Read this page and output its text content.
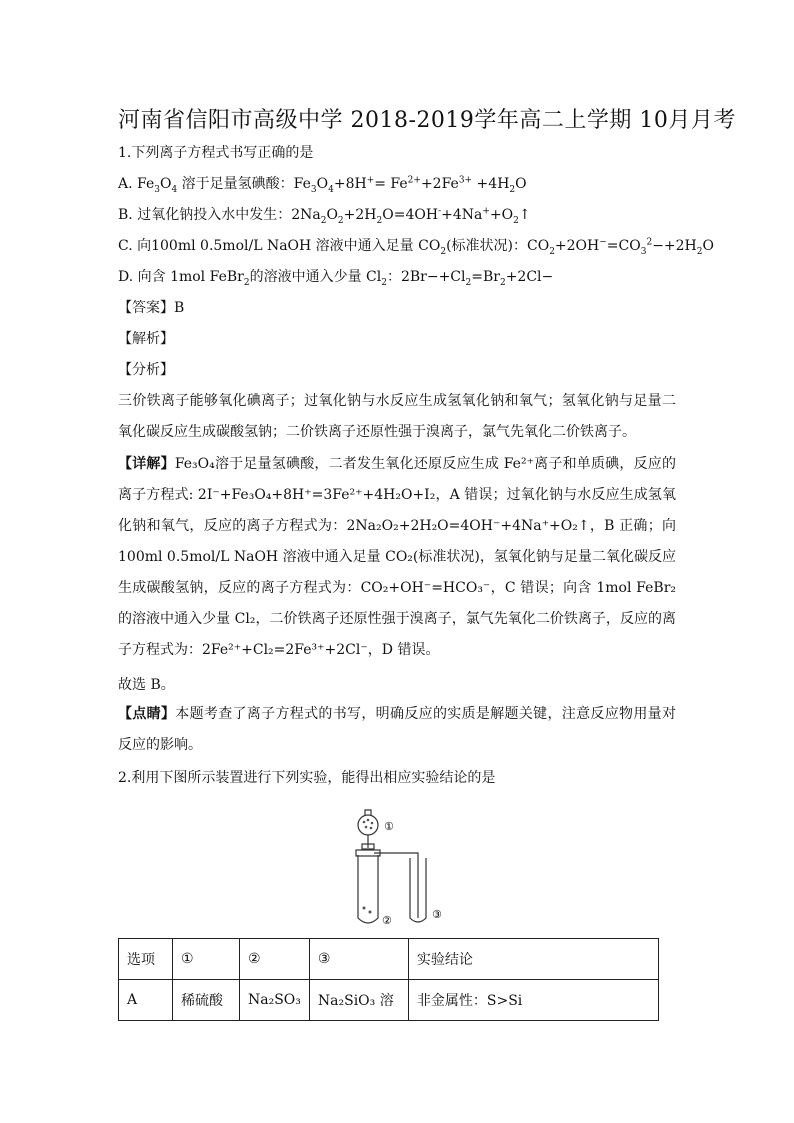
河南省信阳市高级中学 2018-2019学年高二上学期 10月月考
1.下列离子方程式书写正确的是
A. $Fe_3O_4$ 溶于足量氢碘酸：$Fe_3O_4+8H^+= Fe^{2+}+2Fe^{3+} +4H_2O$
B. 过氧化钠投入水中发生：$2Na_2O_2+2H_2O=4OH^-+4Na^++O_2↑$
C. 向100ml 0.5mol/L NaOH 溶液中通入足量 $CO_2$(标准状况)：$CO_2+2OH^-=CO_3^2-+2H_2O$
D. 向含 1mol FeBr$_2$的溶液中通入少量 $Cl_2$：$2Br-+Cl_2=Br_2+2Cl-$
【答案】B
【解析】
【分析】

三价铁离子能够氧化碘离子；过氧化钠与水反应生成氢氧化钠和氧气；氢氧化钠与足量二氧化碳反应生成碳酸氢钠；二价铁离子还原性强于溴离子，氯气先氧化二价铁离子。

【详解】Fe₃O₄溶于足量氢碘酸，二者发生氧化还原反应生成 Fe²⁺离子和单质碘，反应的离子方程式: 2I⁻+Fe₃O₄+8H⁺=3Fe²⁺+4H₂O+I₂，A 错误；过氧化钠与水反应生成氢氧化钠和氧气，反应的离子方程式为：2Na₂O₂+2H₂O=4OH⁻+4Na⁺+O₂↑，B 正确；向 100ml 0.5mol/L NaOH 溶液中通入足量 CO₂(标准状况)，氢氧化钠与足量二氧化碳反应生成碳酸氢钠，反应的离子方程式为：CO₂+OH⁻=HCO₃⁻，C 错误；向含 1mol FeBr₂的溶液中通入少量 Cl₂，二价铁离子还原性强于溴离子，氯气先氧化二价铁离子，反应的离子方程式为：2Fe²⁺+Cl₂=2Fe³⁺+2Cl⁻，D 错误。

故选 B。

【点睛】本题考查了离子方程式的书写，明确反应的实质是解题关键，注意反应物用量对反应的影响。

2.利用下图所示装置进行下列实验，能得出相应实验结论的是
①
②	③
选项	①	②	③	实验结论
A	稀硫酸	Na₂SO₃	Na₂SiO₃ 溶	非金属性：S>Si
